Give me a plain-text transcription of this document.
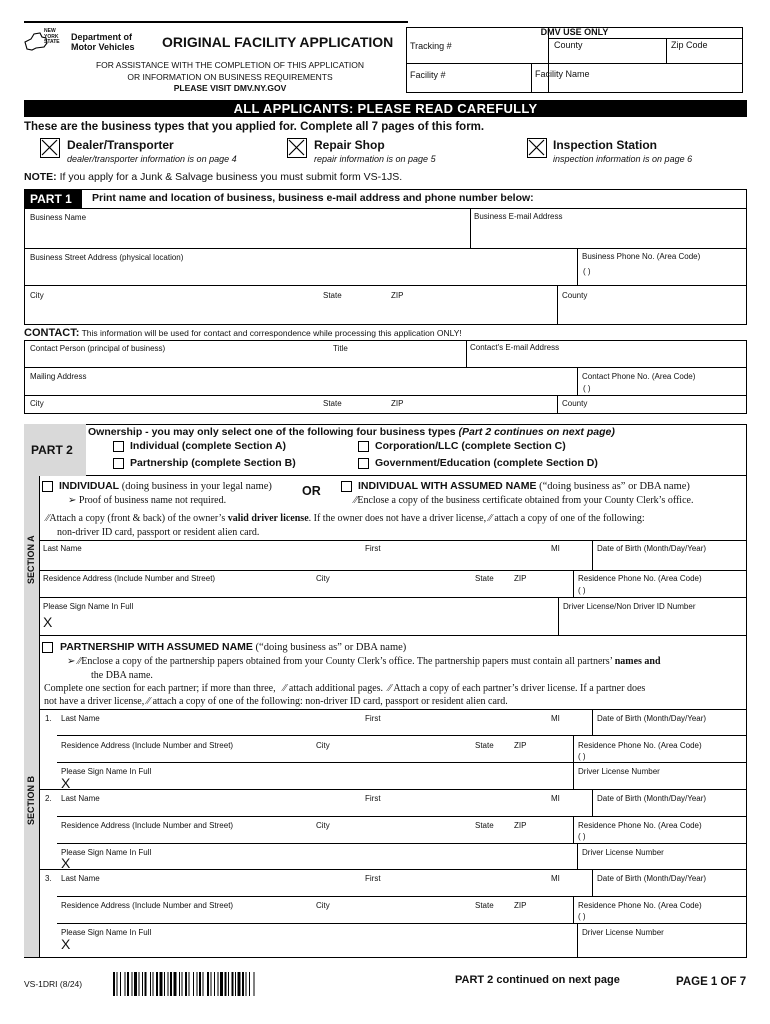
NEW
YORK
STATE Department of
Motor Vehicles ORIGINAL FACILITY APPLICATION
FOR ASSISTANCE WITH THE COMPLETION OF THIS APPLICATION
OR INFORMATION ON BUSINESS REQUIREMENTS
PLEASE VISIT DMV.NY.GOV
DMV USE ONLY
Tracking #	County	Zip Code
Facility #	Facility Name
ALL APPLICANTS: PLEASE READ CAREFULLY
These are the business types that you applied for. Complete all 7 pages of this form.
Dealer/Transporter
dealer/transporter information is on page 4
Repair Shop
repair information is on page 5
Inspection Station
inspection information is on page 6
NOTE: If you apply for a Junk & Salvage business you must submit form VS-1JS.
PART 1	Print name and location of business, business e-mail address and phone number below:
Business Name	Business E-mail Address
Business Street Address (physical location)	Business Phone No. (Area Code)
( )
City	State	ZIP	County
CONTACT: This information will be used for contact and correspondence while processing this application ONLY!
Contact Person (principal of business)	Title	Contact's E-mail Address
Mailing Address	Contact Phone No. (Area Code)
( )
City	State	ZIP	County
PART 2
Ownership - you may only select one of the following four business types (Part 2 continues on next page)
Individual (complete Section A)	Corporation/LLC (complete Section C)
Partnership (complete Section B)	Government/Education (complete Section D)
SECTION A
INDIVIDUAL (doing business in your legal name) OR	INDIVIDUAL WITH ASSUMED NAME (“doing business as” or DBA name)
➢ Proof of business name not required.	⁄⁄Enclose a copy of the business certificate obtained from your County Clerk’s office.
⁄⁄Attach a copy (front & back) of the owner’s valid driver license. If the owner does not have a driver license, ⁄⁄ attach a copy of one of the following:
non-driver ID card, passport or resident alien card.
Last Name	First	MI	Date of Birth (Month/Day/Year)
Residence Address (Include Number and Street)	City	State	ZIP	Residence Phone No. (Area Code)
( )
Please Sign Name In Full
X
Driver License/Non Driver ID Number
SECTION B
PARTNERSHIP WITH ASSUMED NAME (“doing business as” or DBA name)
➢ ⁄⁄Enclose a copy of the partnership papers obtained from your County Clerk’s office. The partnership papers must contain all partners’ names and
the DBA name.
Complete one section for each partner; if more than three, ⁄⁄ attach additional pages. ⁄⁄ Attach a copy of each partner’s driver license. If a partner does
not have a driver license, ⁄⁄ attach a copy of one of the following: non-driver ID card, passport or resident alien card.
1. Last Name	First	MI	Date of Birth (Month/Day/Year)
Residence Address (Include Number and Street)	City	State	ZIP	Residence Phone No. (Area Code)
( )
Please Sign Name In Full
X
Driver License Number
2. Last Name	First	MI	Date of Birth (Month/Day/Year)
Residence Address (Include Number and Street)	City	State	ZIP	Residence Phone No. (Area Code)
( )
Please Sign Name In Full
X
Driver License Number
3. Last Name	First	MI	Date of Birth (Month/Day/Year)
Residence Address (Include Number and Street)	City	State	ZIP	Residence Phone No. (Area Code)
( )
Please Sign Name In Full
X
Driver License Number
VS-1DRI (8/24)	PART 2 continued on next page	PAGE 1 OF 7
